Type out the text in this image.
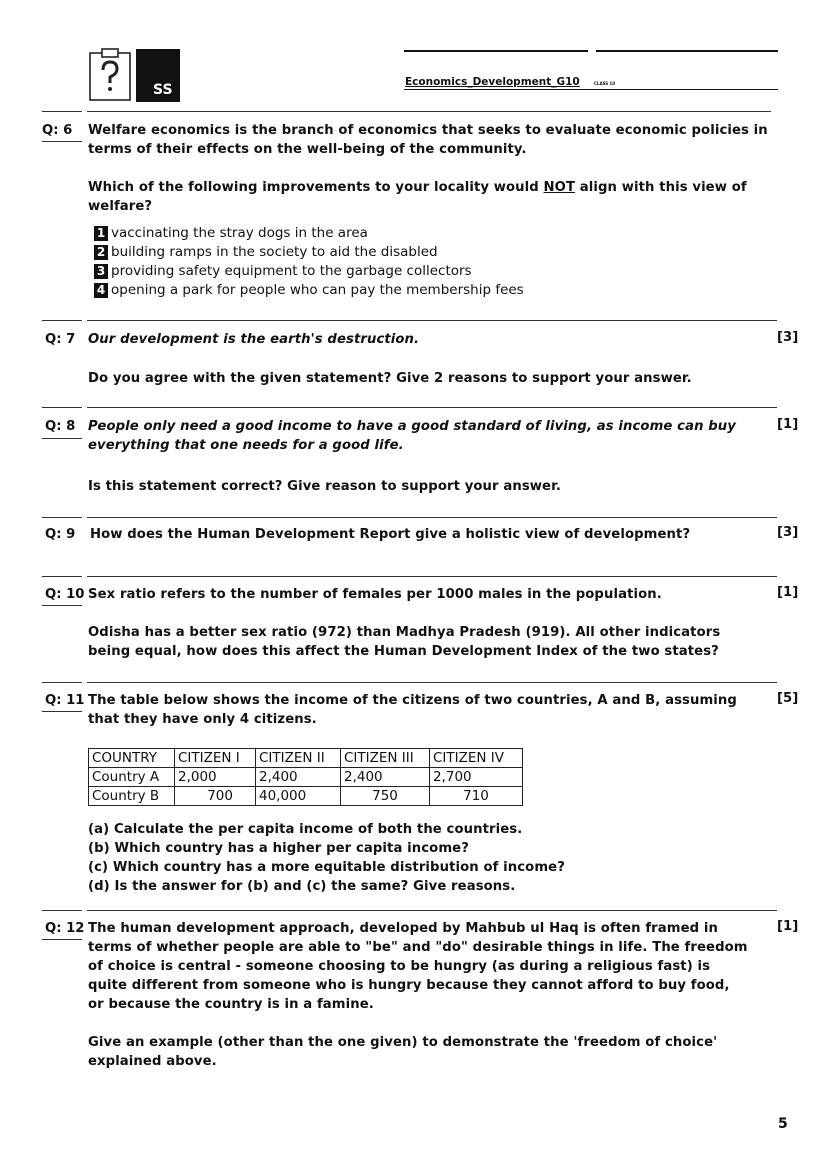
SS	Economics_Development_G10	CLASS 10
Q: 6 Welfare economics is the branch of economics that seeks to evaluate economic policies in terms of their effects on the well-being of the community.
Which of the following improvements to your locality would NOT align with this view of welfare?
1 vaccinating the stray dogs in the area
2 building ramps in the society to aid the disabled
3 providing safety equipment to the garbage collectors
4 opening a park for people who can pay the membership fees
Q: 7 Our development is the earth's destruction.	[3]
Do you agree with the given statement? Give 2 reasons to support your answer.
Q: 8 People only need a good income to have a good standard of living, as income can buy
everything that one needs for a good life.
[1]
Is this statement correct? Give reason to support your answer.
Q: 9 How does the Human Development Report give a holistic view of development?	[3]
Q: 10 Sex ratio refers to the number of females per 1000 males in the population.	[1]
Odisha has a better sex ratio (972) than Madhya Pradesh (919). All other indicators
being equal, how does this affect the Human Development Index of the two states?
Q: 11 The table below shows the income of the citizens of two countries, A and B, assuming
that they have only 4 citizens.
[5]
COUNTRY	CITIZEN I	CITIZEN II	CITIZEN III	CITIZEN IV
Country A	2,000	2,400	2,400	2,700
Country B	700	40,000	750	710
(a) Calculate the per capita income of both the countries.
(b) Which country has a higher per capita income?
(c) Which country has a more equitable distribution of income?
(d) Is the answer for (b) and (c) the same? Give reasons.
Q: 12	[1]
The human development approach, developed by Mahbub ul Haq is often framed in
terms of whether people are able to "be" and "do" desirable things in life. The freedom
of choice is central - someone choosing to be hungry (as during a religious fast) is
quite different from someone who is hungry because they cannot afford to buy food,
or because the country is in a famine.
Give an example (other than the one given) to demonstrate the 'freedom of choice'
explained above.
5
